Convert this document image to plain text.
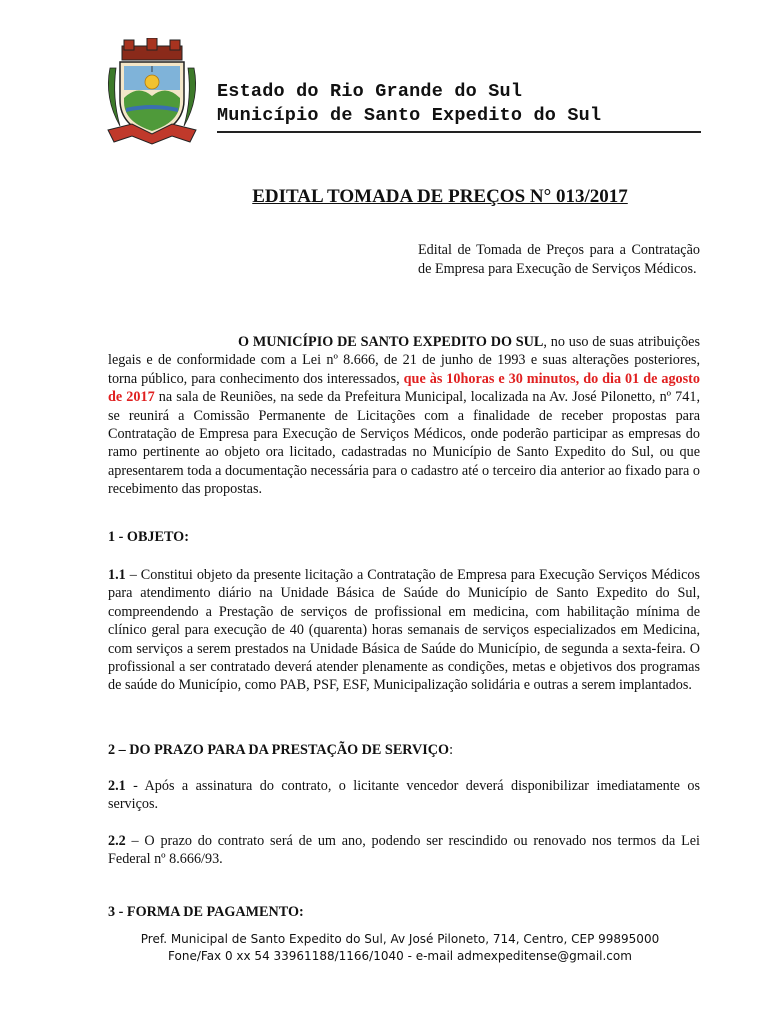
Estado do Rio Grande do Sul
Município de Santo Expedito do Sul
EDITAL TOMADA DE PREÇOS N° 013/2017
Edital de Tomada de Preços para a Contratação de Empresa para Execução de Serviços Médicos.
O MUNICÍPIO DE SANTO EXPEDITO DO SUL, no uso de suas atribuições legais e de conformidade com a Lei nº 8.666, de 21 de junho de 1993 e suas alterações posteriores, torna público, para conhecimento dos interessados, que às 10horas e 30 minutos, do dia 01 de agosto de 2017 na sala de Reuniões, na sede da Prefeitura Municipal, localizada na Av. José Pilonetto, nº 741, se reunirá a Comissão Permanente de Licitações com a finalidade de receber propostas para Contratação de Empresa para Execução de Serviços Médicos, onde poderão participar as empresas do ramo pertinente ao objeto ora licitado, cadastradas no Município de Santo Expedito do Sul, ou que apresentarem toda a documentação necessária para o cadastro até o terceiro dia anterior ao fixado para o recebimento das propostas.
1 - OBJETO:
1.1 – Constitui objeto da presente licitação a Contratação de Empresa para Execução Serviços Médicos para atendimento diário na Unidade Básica de Saúde do Município de Santo Expedito do Sul, compreendendo a Prestação de serviços de profissional em medicina, com habilitação mínima de clínico geral para execução de 40 (quarenta) horas semanais de serviços especializados em Medicina, com serviços a serem prestados na Unidade Básica de Saúde do Município, de segunda a sexta-feira. O profissional a ser contratado deverá atender plenamente as condições, metas e objetivos dos programas de saúde do Município, como PAB, PSF, ESF, Municipalização solidária e outras a serem implantados.
2 – DO PRAZO PARA DA PRESTAÇÃO DE SERVIÇO:
2.1 - Após a assinatura do contrato, o licitante vencedor deverá disponibilizar imediatamente os serviços.
2.2 – O prazo do contrato será de um ano, podendo ser rescindido ou renovado nos termos da Lei Federal nº 8.666/93.
3 - FORMA DE PAGAMENTO:
Pref. Municipal de Santo Expedito do Sul, Av José Piloneto, 714, Centro, CEP 99895000
Fone/Fax 0 xx 54 33961188/1166/1040 - e-mail admexpeditense@gmail.com
